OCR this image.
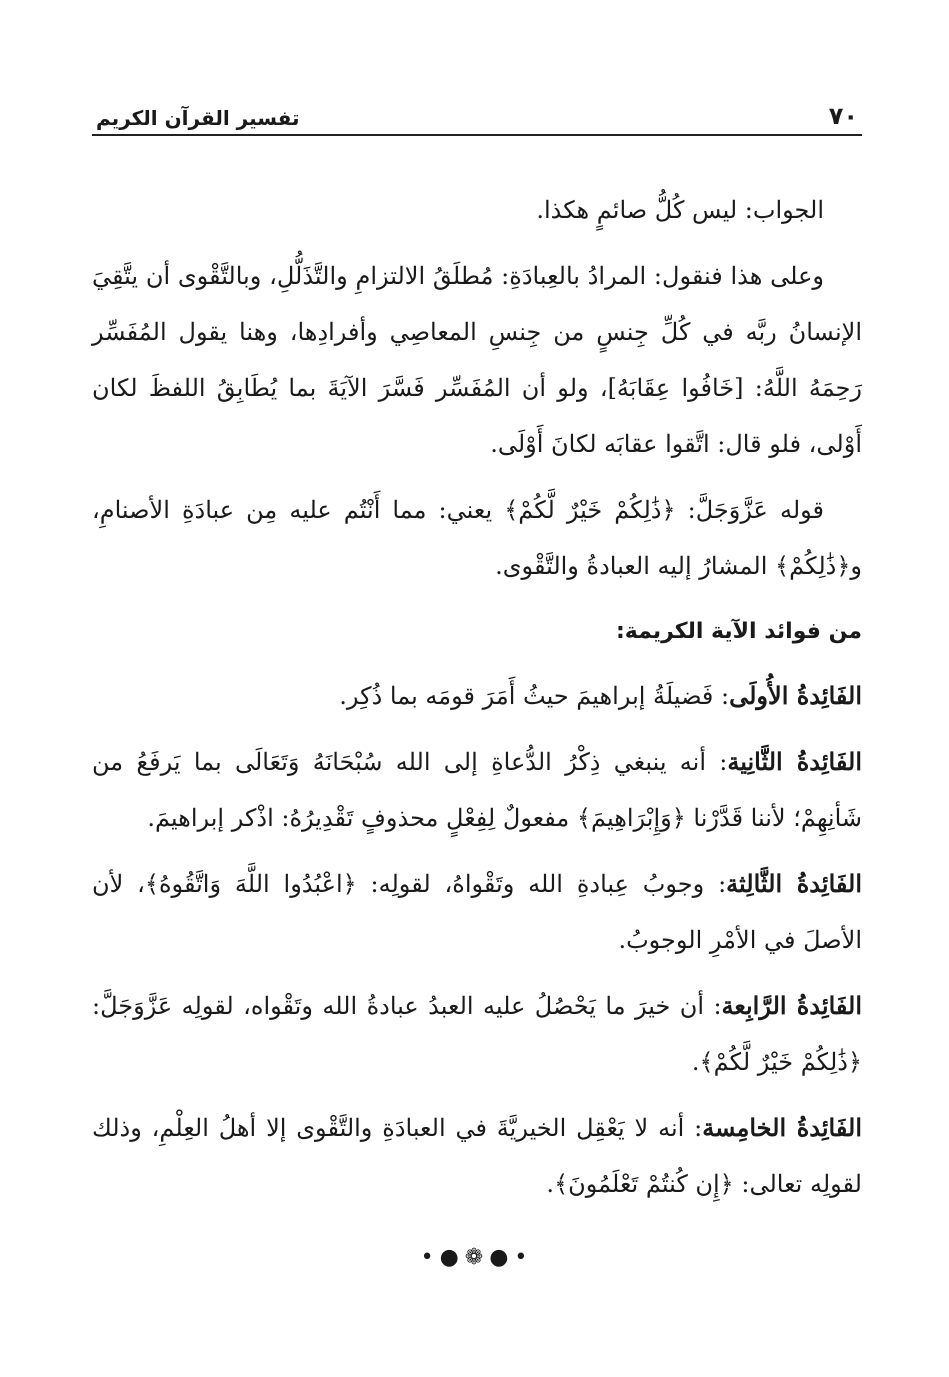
٧٠
تفسير القرآن الكريم

الجواب: ليس كُلُّ صائمٍ هكذا.

وعلى هذا فنقول: المرادُ بالعِبادَةِ: مُطلَقُ الالتزامِ والتَّذَلُّلِ، وبالتَّقْوى أن يتَّقِيَ الإنسانُ ربَّه في كُلِّ جِنسٍ من جِنسِ المعاصِي وأفرادِها، وهنا يقول المُفَسِّر رَحِمَهُ اللَّهُ: [خَافُوا عِقَابَهُ]، ولو أن المُفَسِّر فَسَّرَ الآيَةَ بما يُطَابِقُ اللفظَ لكان أَوْلى، فلو قال: اتَّقوا عقابَه لكانَ أَوْلَى.

قوله عَزَّوَجَلَّ: ﴿ذَٰلِكُمْ خَيْرٌ لَّكُمْ﴾ يعني: مما أَنْتُم عليه مِن عبادَةِ الأصنامِ، و﴿ذَٰلِكُمْ﴾ المشارُ إليه العبادةُ والتَّقْوى.

من فوائد الآية الكريمة:

الفَائِدةُ الأُولَى: فَضيلَةُ إبراهيمَ حيثُ أَمَرَ قومَه بما ذُكِر.

الفَائِدةُ الثَّانِية: أنه ينبغي ذِكْرُ الدُّعاةِ إلى الله سُبْحَانَهُ وَتَعَالَى بما يَرفَعُ من شَأنِهِمْ؛ لأننا قَدَّرْنا ﴿وَإِبْرَاهِيمَ﴾ مفعولٌ لِفِعْلٍ محذوفٍ تَقْدِيرُهُ: اذْكر إبراهيمَ.

الفَائِدةُ الثَّالِثة: وجوبُ عِبادةِ الله وتَقْواهُ، لقولِه: ﴿اعْبُدُوا اللَّهَ وَاتَّقُوهُ﴾، لأن الأصلَ في الأمْرِ الوجوبُ.

الفَائِدةُ الرَّابِعة: أن خيرَ ما يَحْصُلُ عليه العبدُ عبادةُ الله وتَقْواه، لقولِه عَزَّوَجَلَّ: ﴿ذَٰلِكُمْ خَيْرٌ لَّكُمْ﴾.

الفَائِدةُ الخامِسة: أنه لا يَعْقِل الخيريَّةَ في العبادَةِ والتَّقْوى إلا أهلُ العِلْمِ، وذلك لقولِه تعالى: ﴿إِن كُنتُمْ تَعْلَمُونَ﴾.

•●❁●•
